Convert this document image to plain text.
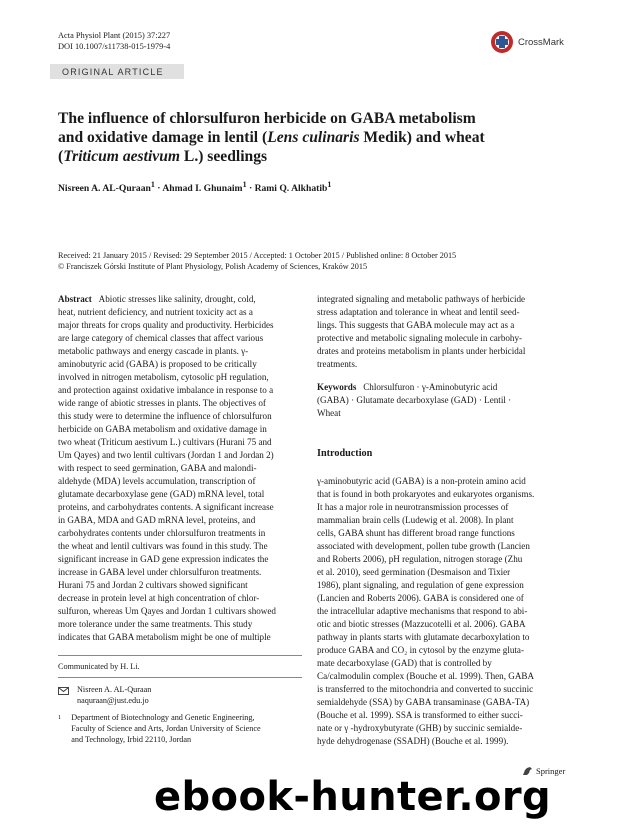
Acta Physiol Plant (2015) 37:227
DOI 10.1007/s11738-015-1979-4	CrossMark
ORIGINAL ARTICLE
The influence of chlorsulfuron herbicide on GABA metabolism
and oxidative damage in lentil (Lens culinaris Medik) and wheat
(Triticum aestivum L.) seedlings
Nisreen A. AL-Quraan$^1$ · Ahmad I. Ghunaim$^1$ · Rami Q. Alkhatib$^1$
Received: 21 January 2015 / Revised: 29 September 2015 / Accepted: 1 October 2015 / Published online: 8 October 2015
© Franciszek Górski Institute of Plant Physiology, Polish Academy of Sciences, Kraków 2015

Abstract Abiotic stresses like salinity, drought, cold,

heat, nutrient deficiency, and nutrient toxicity act as a

major threats for crops quality and productivity. Herbicides

are large category of chemical classes that affect various

metabolic pathways and energy cascade in plants. γ-

aminobutyric acid (GABA) is proposed to be critically

involved in nitrogen metabolism, cytosolic pH regulation,

and protection against oxidative imbalance in response to a

wide range of abiotic stresses in plants. The objectives of

this study were to determine the influence of chlorsulfuron

herbicide on GABA metabolism and oxidative damage in

two wheat (Triticum aestivum L.) cultivars (Hurani 75 and

Um Qayes) and two lentil cultivars (Jordan 1 and Jordan 2)

with respect to seed germination, GABA and malondi-

aldehyde (MDA) levels accumulation, transcription of

glutamate decarboxylase gene (GAD) mRNA level, total

proteins, and carbohydrates contents. A significant increase

in GABA, MDA and GAD mRNA level, proteins, and

carbohydrates contents under chlorsulfuron treatments in

the wheat and lentil cultivars was found in this study. The

significant increase in GAD gene expression indicates the

increase in GABA level under chlorsulfuron treatments.

Hurani 75 and Jordan 2 cultivars showed significant

decrease in protein level at high concentration of chlor-

sulfuron, whereas Um Qayes and Jordan 1 cultivars showed

more tolerance under the same treatments. This study

indicates that GABA metabolism might be one of multiple

Communicated by H. Li.
Nisreen A. AL-Quraan
naquraan@just.edu.jo
1 Department of Biotechnology and Genetic Engineering,
Faculty of Science and Arts, Jordan University of Science
and Technology, Irbid 22110, Jordan

integrated signaling and metabolic pathways of herbicide

stress adaptation and tolerance in wheat and lentil seed-

lings. This suggests that GABA molecule may act as a

protective and metabolic signaling molecule in carbohy-

drates and proteins metabolism in plants under herbicidal

treatments.

Keywords Chlorsulfuron · γ-Aminobutyric acid

(GABA) · Glutamate decarboxylase (GAD) · Lentil ·

Wheat

Introduction

γ-aminobutyric acid (GABA) is a non-protein amino acid

that is found in both prokaryotes and eukaryotes organisms.

It has a major role in neurotransmission processes of

mammalian brain cells (Ludewig et al. 2008). In plant

cells, GABA shunt has different broad range functions

associated with development, pollen tube growth (Lancien

and Roberts 2006), pH regulation, nitrogen storage (Zhu

et al. 2010), seed germination (Desmaison and Tixier

1986), plant signaling, and regulation of gene expression

(Lancien and Roberts 2006). GABA is considered one of

the intracellular adaptive mechanisms that respond to abi-

otic and biotic stresses (Mazzucotelli et al. 2006). GABA

pathway in plants starts with glutamate decarboxylation to

produce GABA and CO₂ in cytosol by the enzyme gluta-

mate decarboxylase (GAD) that is controlled by

Ca/calmodulin complex (Bouche et al. 1999). Then, GABA

is transferred to the mitochondria and converted to succinic

semialdehyde (SSA) by GABA transaminase (GABA-TA)

(Bouche et al. 1999). SSA is transformed to either succi-

nate or γ -hydroxybutyrate (GHB) by succinic semialde-

hyde dehydrogenase (SSADH) (Bouche et al. 1999).

Springer
ebook-hunter.org
